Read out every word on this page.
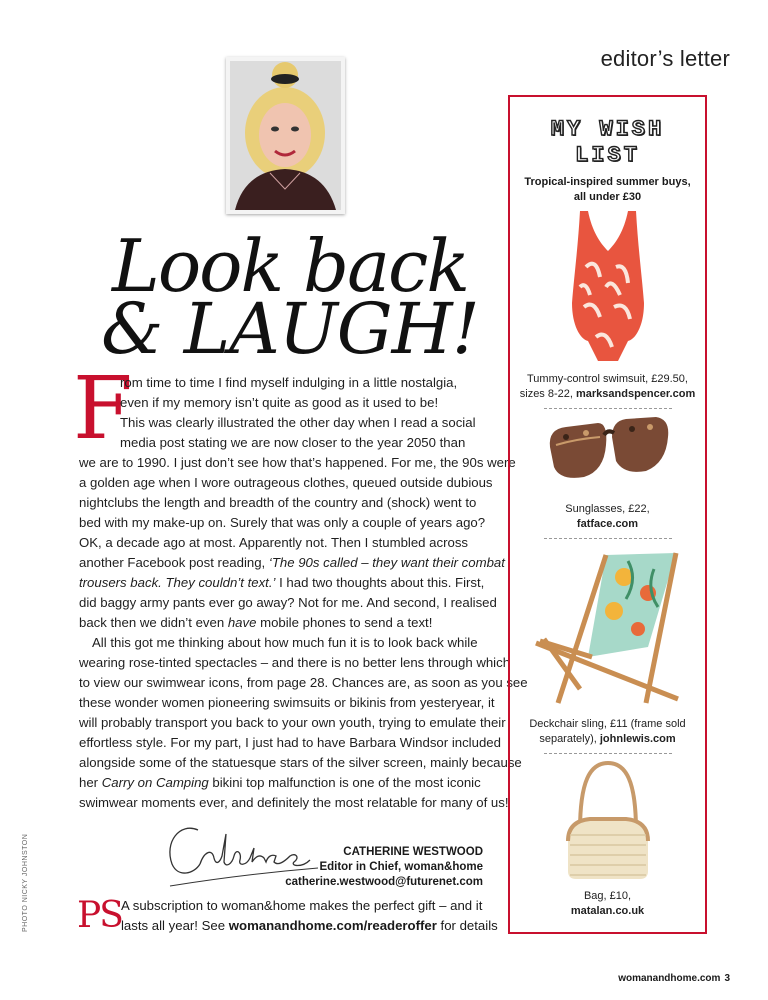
editor’s letter
Look back
& LAUGH!
F
rom time to time I find myself indulging in a little nostalgia,
even if my memory isn’t quite as good as it used to be!
This was clearly illustrated the other day when I read a social
media post stating we are now closer to the year 2050 than
we are to 1990. I just don’t see how that’s happened. For me, the 90s were
a golden age when I wore outrageous clothes, queued outside dubious
nightclubs the length and breadth of the country and (shock) went to
bed with my make-up on. Surely that was only a couple of years ago?
OK, a decade ago at most. Apparently not. Then I stumbled across
another Facebook post reading, ‘The 90s called – they want their combat
trousers back. They couldn’t text.’ I had two thoughts about this. First,
did baggy army pants ever go away? Not for me. And second, I realised
back then we didn’t even have mobile phones to send a text!
All this got me thinking about how much fun it is to look back while
wearing rose-tinted spectacles – and there is no better lens through which
to view our swimwear icons, from page 28. Chances are, as soon as you see
these wonder women pioneering swimsuits or bikinis from yesteryear, it
will probably transport you back to your own youth, trying to emulate their
effortless style. For my part, I just had to have Barbara Windsor included
alongside some of the statuesque stars of the silver screen, mainly because
her Carry on Camping bikini top malfunction is one of the most iconic
swimwear moments ever, and definitely the most relatable for many of us!
CATHERINE WESTWOOD
Editor in Chief, woman&home
catherine.westwood@futurenet.com
PS A subscription to woman&home makes the perfect gift – and it
lasts all year! See womanandhome.com/readeroffer for details
PHOTO NICKY JOHNSTON
MY WISH
LIST
Tropical-inspired summer buys,
all under £30
Tummy-control swimsuit, £29.50,
sizes 8-22, marksandspencer.com
Sunglasses, £22,
fatface.com
Deckchair sling, £11 (frame sold
separately), johnlewis.com
Bag, £10,
matalan.co.uk
womanandhome.com 3
